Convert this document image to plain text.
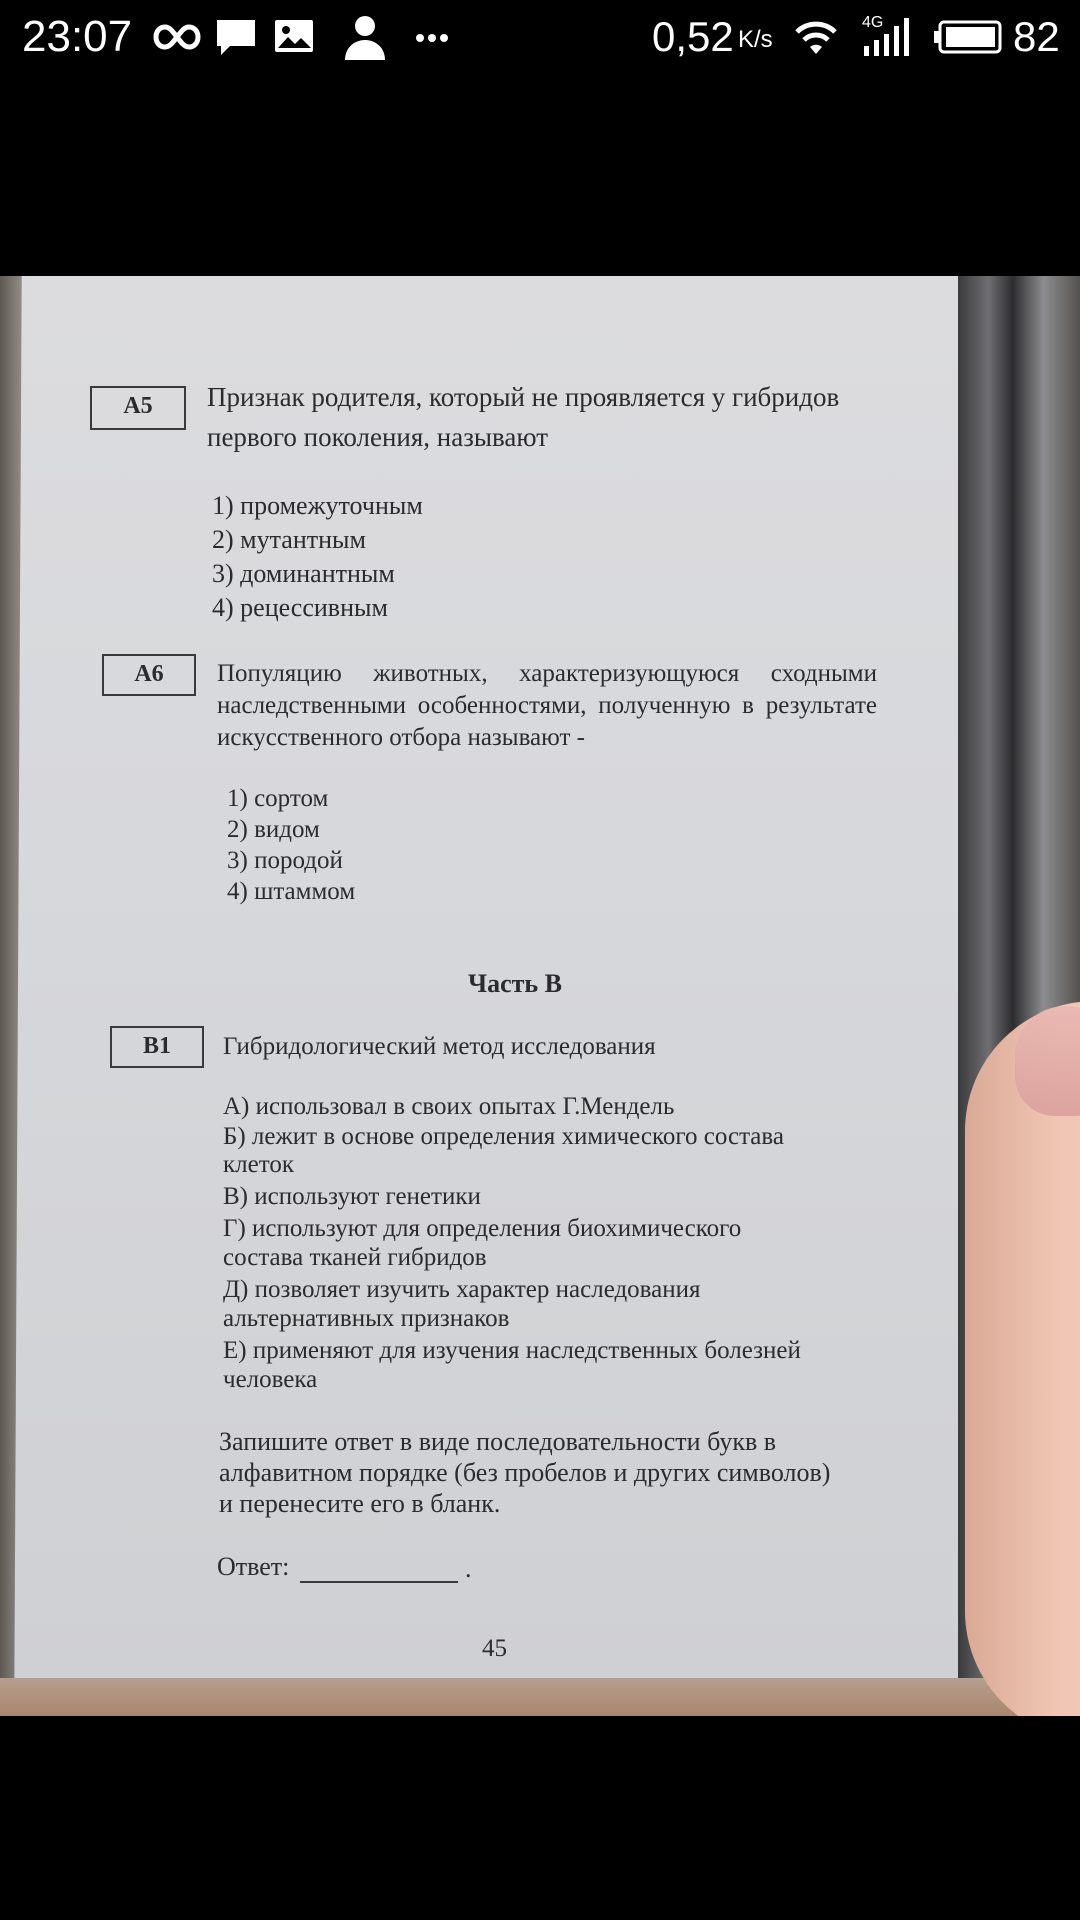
23:07	0,52 K/s
4G	82
А5	Признак родителя, который не проявляется у гибридов
первого поколения, называют
1) промежуточным
2) мутантным
3) доминантным
4) рецессивным
А6	Популяцию животных, характеризующуюся сходными наследственными особенностями, полученную в результате искусственного отбора называют -
1) сортом
2) видом
3) породой
4) штаммом
Часть В
В1	Гибридологический метод исследования
А) использовал в своих опытах Г.Мендель
Б) лежит в основе определения химического состава
клеток
В) используют генетики
Г) используют для определения биохимического
состава тканей гибридов
Д) позволяет изучить характер наследования
альтернативных признаков
Е) применяют для изучения наследственных болезней
человека
Запишите ответ в виде последовательности букв в
алфавитном порядке (без пробелов и других символов)
и перенесите его в бланк.
Ответ:	.
45
